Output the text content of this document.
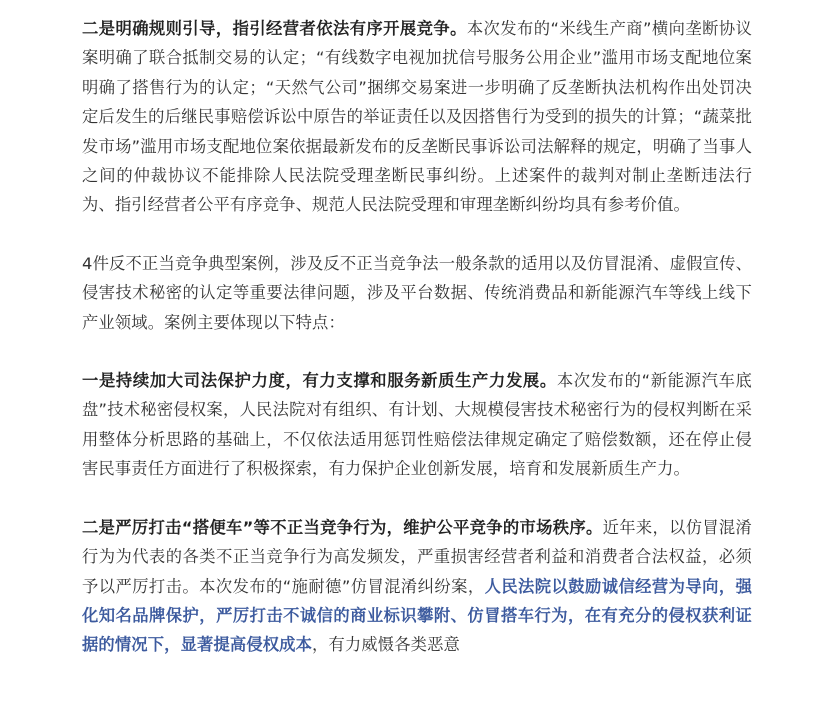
二是明确规则引导，指引经营者依法有序开展竞争。本次发布的“米线生产商”横向垄断协议案明确了联合抵制交易的认定；“有线数字电视加扰信号服务公用企业”滥用市场支配地位案明确了搭售行为的认定；“天然气公司”捆绑交易案进一步明确了反垄断执法机构作出处罚决定后发生的后继民事赔偿诉讼中原告的举证责任以及因搭售行为受到的损失的计算；“蔬菜批发市场”滥用市场支配地位案依据最新发布的反垄断民事诉讼司法解释的规定，明确了当事人之间的仲裁协议不能排除人民法院受理垄断民事纠纷。上述案件的裁判对制止垄断违法行为、指引经营者公平有序竞争、规范人民法院受理和审理垄断纠纷均具有参考价值。

4件反不正当竞争典型案例，涉及反不正当竞争法一般条款的适用以及仿冒混淆、虚假宣传、侵害技术秘密的认定等重要法律问题，涉及平台数据、传统消费品和新能源汽车等线上线下产业领域。案例主要体现以下特点：

一是持续加大司法保护力度，有力支撑和服务新质生产力发展。本次发布的“新能源汽车底盘”技术秘密侵权案，人民法院对有组织、有计划、大规模侵害技术秘密行为的侵权判断在采用整体分析思路的基础上，不仅依法适用惩罚性赔偿法律规定确定了赔偿数额，还在停止侵害民事责任方面进行了积极探索，有力保护企业创新发展，培育和发展新质生产力。

二是严厉打击“搭便车”等不正当竞争行为，维护公平竞争的市场秩序。近年来，以仿冒混淆行为为代表的各类不正当竞争行为高发频发，严重损害经营者利益和消费者合法权益，必须予以严厉打击。本次发布的“施耐德”仿冒混淆纠纷案，人民法院以鼓励诚信经营为导向，强化知名品牌保护，严厉打击不诚信的商业标识攀附、仿冒搭车行为，在有充分的侵权获利证据的情况下，显著提高侵权成本，有力威慑各类恶意
